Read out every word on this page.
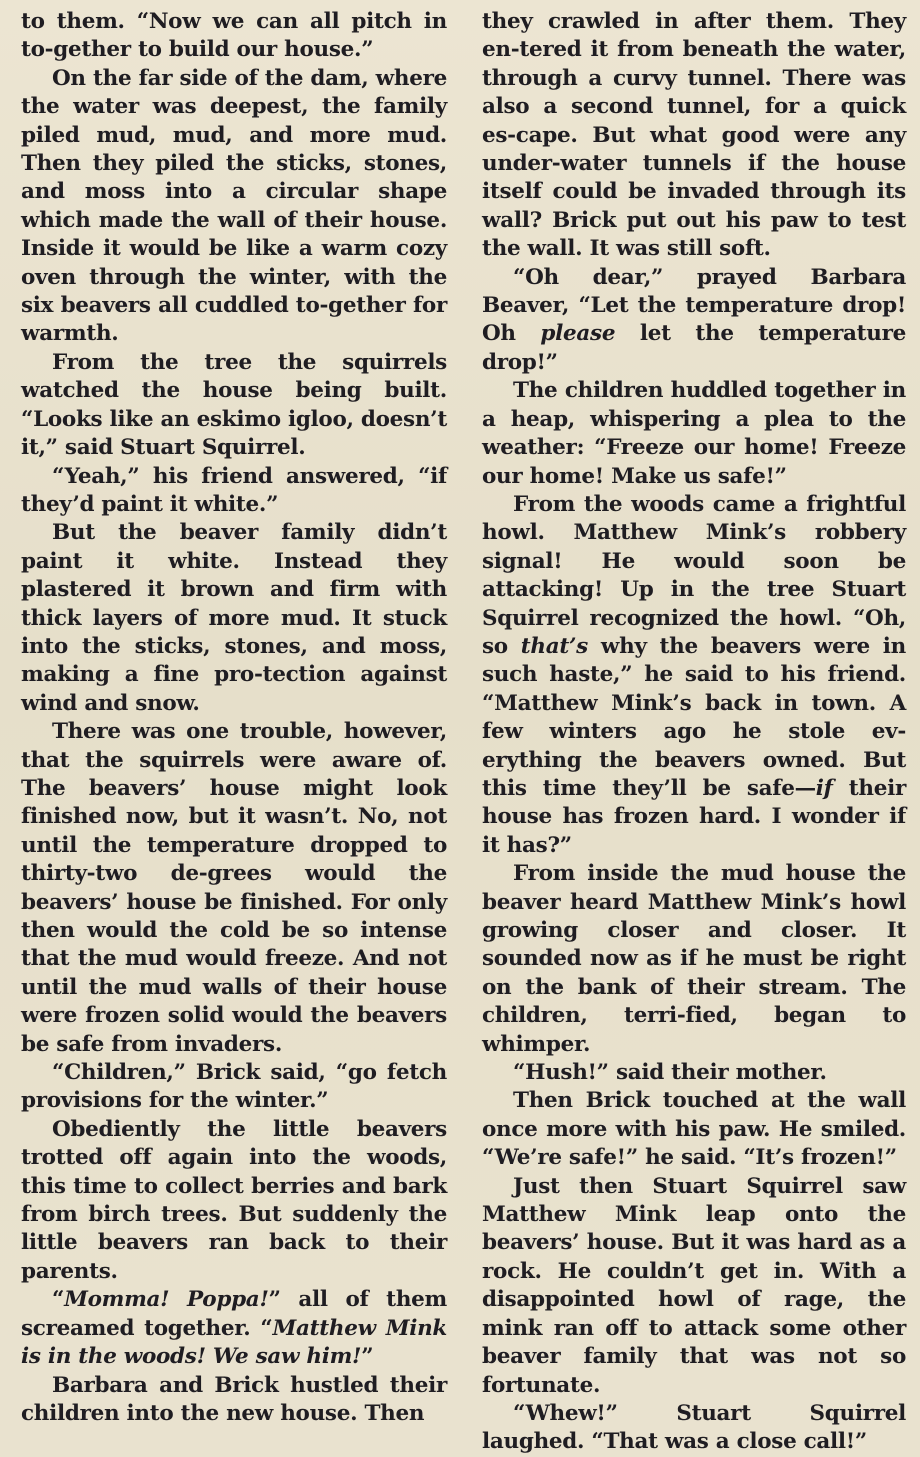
to them. “Now we can all pitch in to-gether to build our house.”

On the far side of the dam, where the water was deepest, the family piled mud, mud, and more mud. Then they piled the sticks, stones, and moss into a circular shape which made the wall of their house. Inside it would be like a warm cozy oven through the winter, with the six beavers all cuddled to-gether for warmth.

From the tree the squirrels watched the house being built. “Looks like an eskimo igloo, doesn’t it,” said Stuart Squirrel.

“Yeah,” his friend answered, “if they’d paint it white.”

But the beaver family didn’t paint it white. Instead they plastered it brown and firm with thick layers of more mud. It stuck into the sticks, stones, and moss, making a fine pro-tection against wind and snow.

There was one trouble, however, that the squirrels were aware of. The beavers’ house might look finished now, but it wasn’t. No, not until the temperature dropped to thirty-two de-grees would the beavers’ house be finished. For only then would the cold be so intense that the mud would freeze. And not until the mud walls of their house were frozen solid would the beavers be safe from invaders.

“Children,” Brick said, “go fetch provisions for the winter.”

Obediently the little beavers trotted off again into the woods, this time to collect berries and bark from birch trees. But suddenly the little beavers ran back to their parents.

“Momma! Poppa!” all of them screamed together. “Matthew Mink is in the woods! We saw him!”

Barbara and Brick hustled their children into the new house. Then

they crawled in after them. They en-tered it from beneath the water, through a curvy tunnel. There was also a second tunnel, for a quick es-cape. But what good were any under-water tunnels if the house itself could be invaded through its wall? Brick put out his paw to test the wall. It was still soft.

“Oh dear,” prayed Barbara Beaver, “Let the temperature drop! Oh please let the temperature drop!”

The children huddled together in a heap, whispering a plea to the weather: “Freeze our home! Freeze our home! Make us safe!”

From the woods came a frightful howl. Matthew Mink’s robbery signal! He would soon be attacking! Up in the tree Stuart Squirrel recognized the howl. “Oh, so that’s why the beavers were in such haste,” he said to his friend. “Matthew Mink’s back in town. A few winters ago he stole ev-erything the beavers owned. But this time they’ll be safe—if their house has frozen hard. I wonder if it has?”

From inside the mud house the beaver heard Matthew Mink’s howl growing closer and closer. It sounded now as if he must be right on the bank of their stream. The children, terri-fied, began to whimper.

“Hush!” said their mother.

Then Brick touched at the wall once more with his paw. He smiled. “We’re safe!” he said. “It’s frozen!”

Just then Stuart Squirrel saw Matthew Mink leap onto the beavers’ house. But it was hard as a rock. He couldn’t get in. With a disappointed howl of rage, the mink ran off to attack some other beaver family that was not so fortunate.

“Whew!” Stuart Squirrel laughed. “That was a close call!”
